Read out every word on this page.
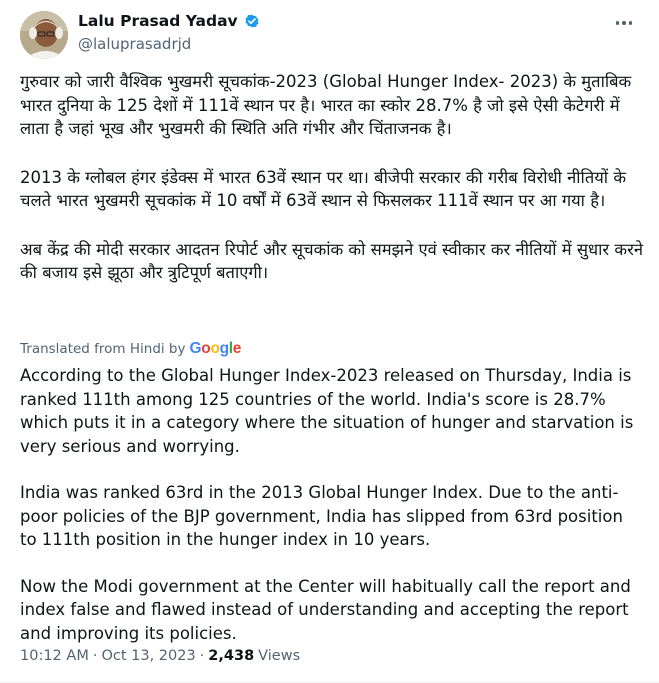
Lalu Prasad Yadav
@laluprasadrjd

गुरुवार को जारी वैश्विक भुखमरी सूचकांक-2023 (Global Hunger Index- 2023) के मुताबिक भारत दुनिया के 125 देशों में 111वें स्थान पर है। भारत का स्कोर 28.7% है जो इसे ऐसी केटेगरी में लाता है जहां भूख और भुखमरी की स्थिति अति गंभीर और चिंताजनक है।

2013 के ग्लोबल हंगर इंडेक्स में भारत 63वें स्थान पर था। बीजेपी सरकार की गरीब विरोधी नीतियों के चलते भारत भुखमरी सूचकांक में 10 वर्षों में 63वें स्थान से फिसलकर 111वें स्थान पर आ गया है।

अब केंद्र की मोदी सरकार आदतन रिपोर्ट और सूचकांक को समझने एवं स्वीकार कर नीतियों में सुधार करने की बजाय इसे झूठा और त्रुटिपूर्ण बताएगी।

Translated from Hindi by Google

According to the Global Hunger Index-2023 released on Thursday, India is ranked 111th among 125 countries of the world. India's score is 28.7% which puts it in a category where the situation of hunger and starvation is very serious and worrying.

India was ranked 63rd in the 2013 Global Hunger Index. Due to the anti-poor policies of the BJP government, India has slipped from 63rd position to 111th position in the hunger index in 10 years.

Now the Modi government at the Center will habitually call the report and index false and flawed instead of understanding and accepting the report and improving its policies.

10:12 AM · Oct 13, 2023 · 2,438 Views
